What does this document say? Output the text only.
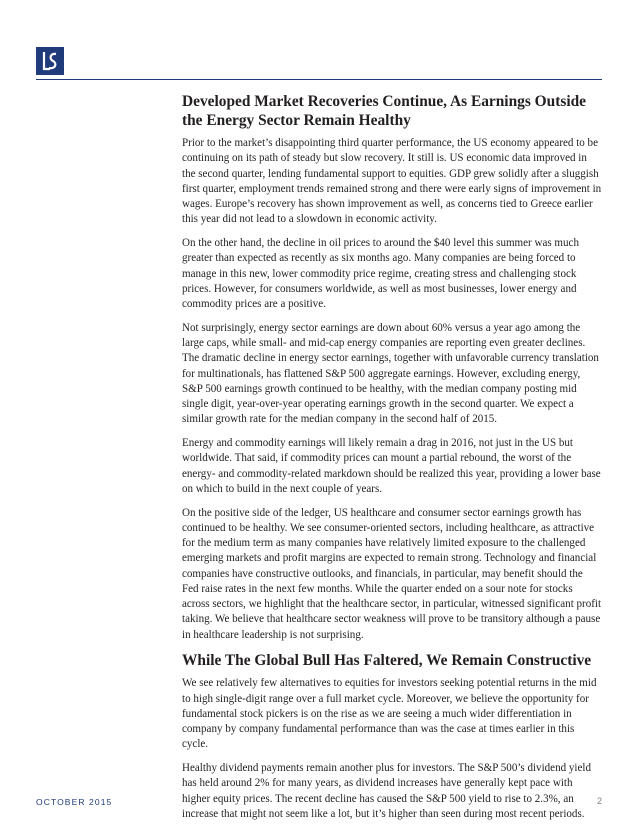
Developed Market Recoveries Continue, As Earnings Outside the Energy Sector Remain Healthy

Prior to the market’s disappointing third quarter performance, the US economy appeared to be continuing on its path of steady but slow recovery. It still is. US economic data improved in the second quarter, lending fundamental support to equities. GDP grew solidly after a sluggish first quarter, employment trends remained strong and there were early signs of improvement in wages. Europe’s recovery has shown improvement as well, as concerns tied to Greece earlier this year did not lead to a slowdown in economic activity.

On the other hand, the decline in oil prices to around the $40 level this summer was much greater than expected as recently as six months ago. Many companies are being forced to manage in this new, lower commodity price regime, creating stress and challenging stock prices. However, for consumers worldwide, as well as most businesses, lower energy and commodity prices are a positive.

Not surprisingly, energy sector earnings are down about 60% versus a year ago among the large caps, while small- and mid-cap energy companies are reporting even greater declines. The dramatic decline in energy sector earnings, together with unfavorable currency translation for multinationals, has flattened S&P 500 aggregate earnings. However, excluding energy, S&P 500 earnings growth continued to be healthy, with the median company posting mid single digit, year-over-year operating earnings growth in the second quarter. We expect a similar growth rate for the median company in the second half of 2015.

Energy and commodity earnings will likely remain a drag in 2016, not just in the US but worldwide. That said, if commodity prices can mount a partial rebound, the worst of the energy- and commodity-related markdown should be realized this year, providing a lower base on which to build in the next couple of years.

On the positive side of the ledger, US healthcare and consumer sector earnings growth has continued to be healthy. We see consumer-oriented sectors, including healthcare, as attractive for the medium term as many companies have relatively limited exposure to the challenged emerging markets and profit margins are expected to remain strong. Technology and financial companies have constructive outlooks, and financials, in particular, may benefit should the Fed raise rates in the next few months. While the quarter ended on a sour note for stocks across sectors, we highlight that the healthcare sector, in particular, witnessed significant profit taking. We believe that healthcare sector weakness will prove to be transitory although a pause in healthcare leadership is not surprising.

While The Global Bull Has Faltered, We Remain Constructive

We see relatively few alternatives to equities for investors seeking potential returns in the mid to high single-digit range over a full market cycle. Moreover, we believe the opportunity for fundamental stock pickers is on the rise as we are seeing a much wider differentiation in company by company fundamental performance than was the case at times earlier in this cycle.

Healthy dividend payments remain another plus for investors. The S&P 500’s dividend yield has held around 2% for many years, as dividend increases have generally kept pace with higher equity prices. The recent decline has caused the S&P 500 yield to rise to 2.3%, an increase that might not seem like a lot, but it’s higher than seen during most recent periods.

OCTOBER 2015	2
